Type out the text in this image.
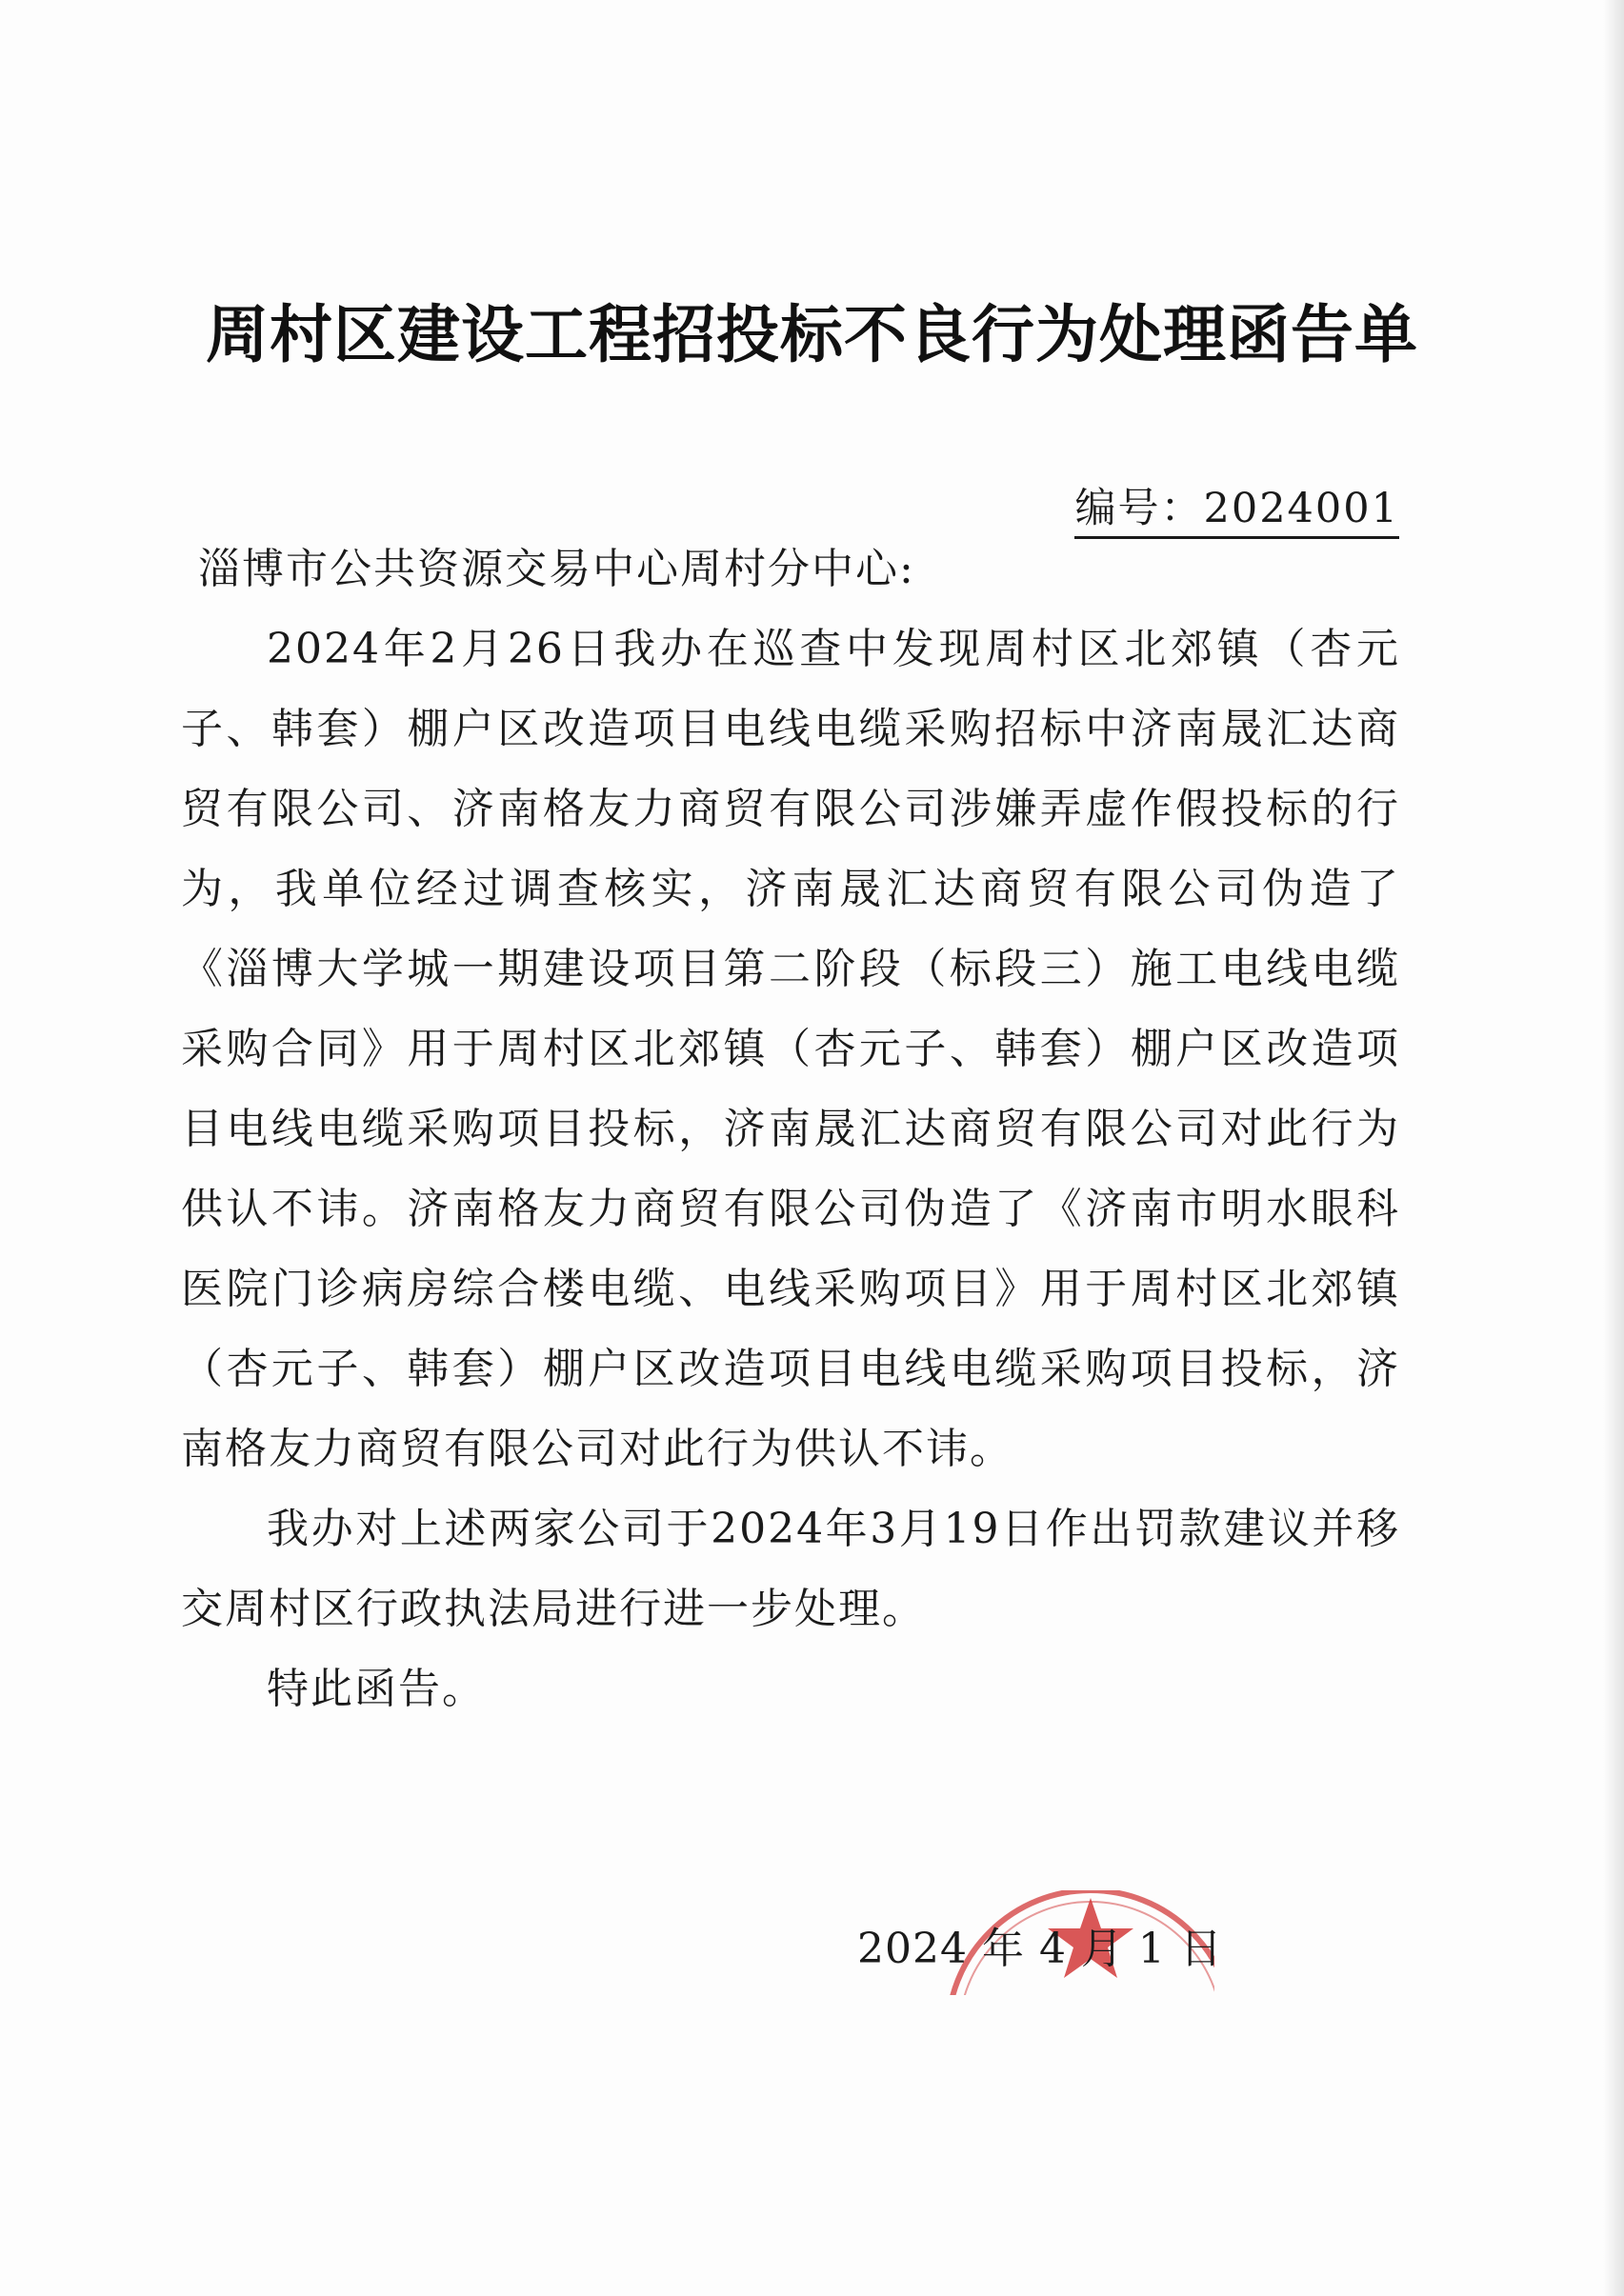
周村区建设工程招投标不良行为处理函告单
编号：2024001

淄博市公共资源交易中心周村分中心:

2024年2月26日我办在巡查中发现周村区北郊镇（杏元子、韩套）棚户区改造项目电线电缆采购招标中济南晟汇达商贸有限公司、济南格友力商贸有限公司涉嫌弄虚作假投标的行为，我单位经过调查核实，济南晟汇达商贸有限公司伪造了《淄博大学城一期建设项目第二阶段（标段三）施工电线电缆采购合同》用于周村区北郊镇（杏元子、韩套）棚户区改造项目电线电缆采购项目投标，济南晟汇达商贸有限公司对此行为供认不讳。济南格友力商贸有限公司伪造了《济南市明水眼科医院门诊病房综合楼电缆、电线采购项目》用于周村区北郊镇（杏元子、韩套）棚户区改造项目电线电缆采购项目投标，济南格友力商贸有限公司对此行为供认不讳。

我办对上述两家公司于2024年3月19日作出罚款建议并移交周村区行政执法局进行进一步处理。

特此函告。

2024 年 4 月 1 日
